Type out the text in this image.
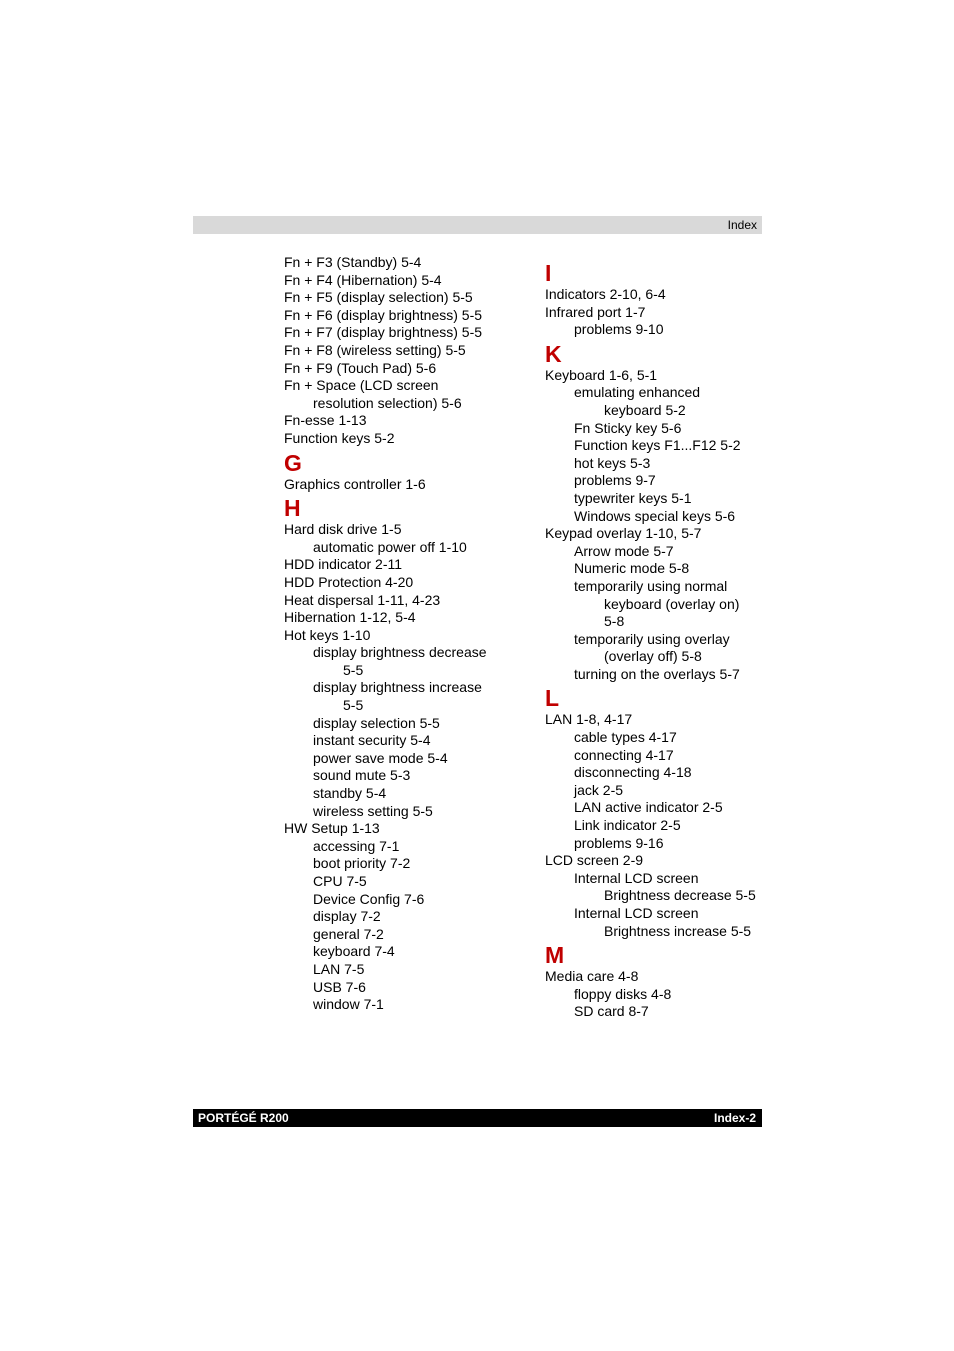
Index
Fn + F3 (Standby) 5-4
Fn + F4 (Hibernation) 5-4
Fn + F5 (display selection) 5-5
Fn + F6 (display brightness) 5-5
Fn + F7 (display brightness) 5-5
Fn + F8 (wireless setting) 5-5
Fn + F9 (Touch Pad) 5-6
Fn + Space (LCD screen
resolution selection) 5-6
Fn-esse 1-13
Function keys 5-2
G
Graphics controller 1-6
H
Hard disk drive 1-5
automatic power off 1-10
HDD indicator 2-11
HDD Protection 4-20
Heat dispersal 1-11, 4-23
Hibernation 1-12, 5-4
Hot keys 1-10
display brightness decrease
5-5
display brightness increase
5-5
display selection 5-5
instant security 5-4
power save mode 5-4
sound mute 5-3
standby 5-4
wireless setting 5-5
HW Setup 1-13
accessing 7-1
boot priority 7-2
CPU 7-5
Device Config 7-6
display 7-2
general 7-2
keyboard 7-4
LAN 7-5
USB 7-6
window 7-1
I
Indicators 2-10, 6-4
Infrared port 1-7
problems 9-10
K
Keyboard 1-6, 5-1
emulating enhanced
keyboard 5-2
Fn Sticky key 5-6
Function keys F1...F12 5-2
hot keys 5-3
problems 9-7
typewriter keys 5-1
Windows special keys 5-6
Keypad overlay 1-10, 5-7
Arrow mode 5-7
Numeric mode 5-8
temporarily using normal
keyboard (overlay on)
5-8
temporarily using overlay
(overlay off) 5-8
turning on the overlays 5-7
L
LAN 1-8, 4-17
cable types 4-17
connecting 4-17
disconnecting 4-18
jack 2-5
LAN active indicator 2-5
Link indicator 2-5
problems 9-16
LCD screen 2-9
Internal LCD screen
Brightness decrease 5-5
Internal LCD screen
Brightness increase 5-5
M
Media care 4-8
floppy disks 4-8
SD card 8-7
PORTÉGÉ R200	Index-2
